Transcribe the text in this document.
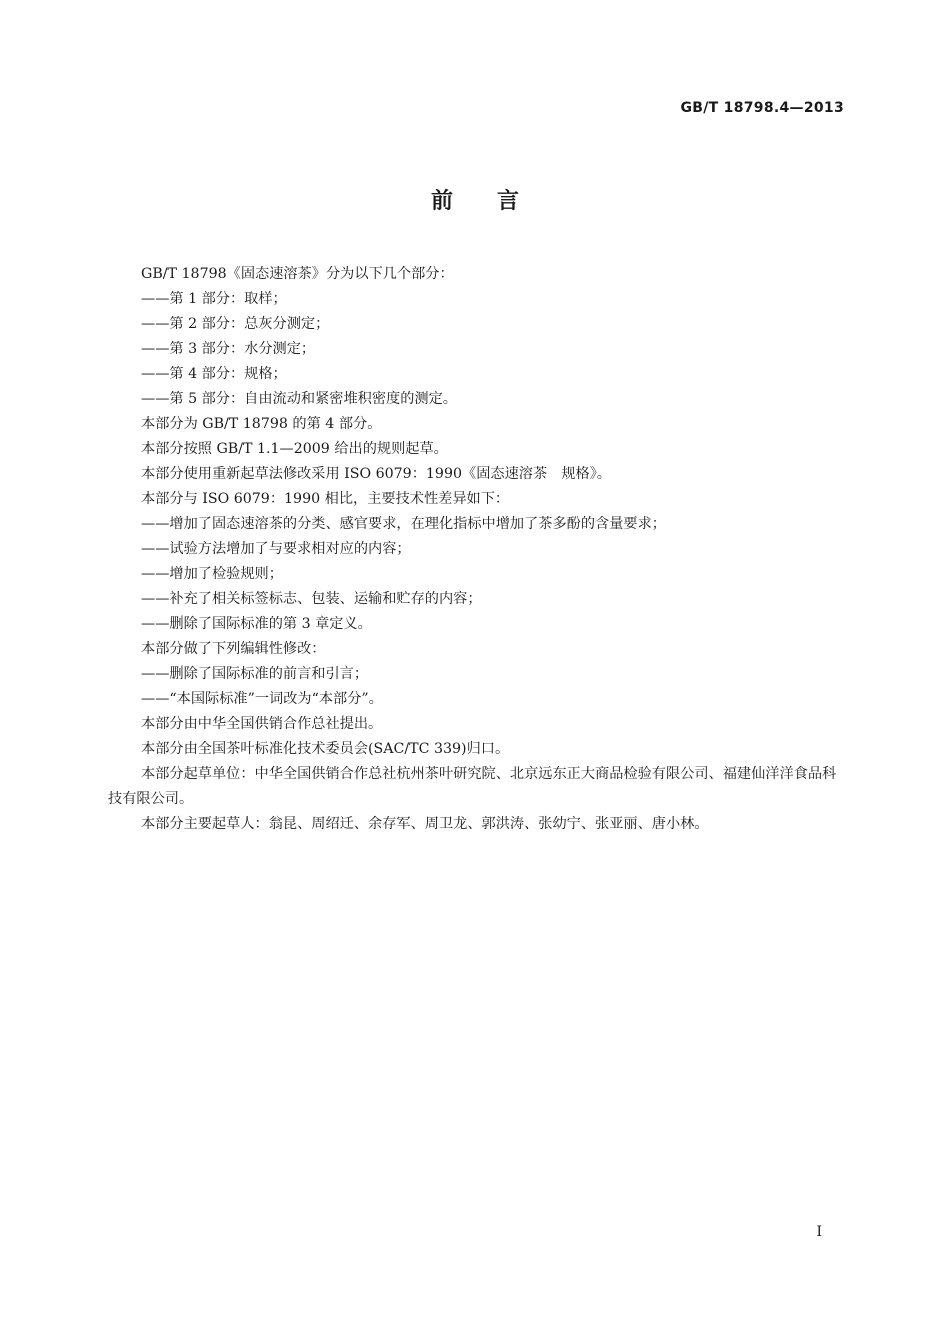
GB/T 18798.4—2013
前言

GB/T 18798《固态速溶茶》分为以下几个部分：

——第 1 部分：取样；

——第 2 部分：总灰分测定；

——第 3 部分：水分测定；

——第 4 部分：规格；

——第 5 部分：自由流动和紧密堆积密度的测定。

本部分为 GB/T 18798 的第 4 部分。

本部分按照 GB/T 1.1—2009 给出的规则起草。

本部分使用重新起草法修改采用 ISO 6079：1990《固态速溶茶　规格》。

本部分与 ISO 6079：1990 相比，主要技术性差异如下：

——增加了固态速溶茶的分类、感官要求，在理化指标中增加了茶多酚的含量要求；

——试验方法增加了与要求相对应的内容；

——增加了检验规则；

——补充了相关标签标志、包装、运输和贮存的内容；

——删除了国际标准的第 3 章定义。

本部分做了下列编辑性修改：

——删除了国际标准的前言和引言；

——“本国际标准”一词改为“本部分”。

本部分由中华全国供销合作总社提出。

本部分由全国茶叶标准化技术委员会(SAC/TC 339)归口。

本部分起草单位：中华全国供销合作总社杭州茶叶研究院、北京远东正大商品检验有限公司、福建仙洋洋食品科技有限公司。

本部分主要起草人：翁昆、周绍迁、余存军、周卫龙、郭洪涛、张幼宁、张亚丽、唐小林。

I
